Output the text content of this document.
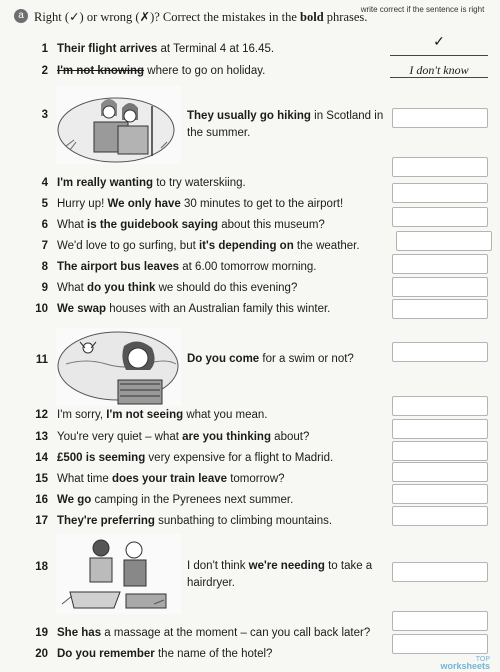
a Right (✓) or wrong (✗)? Correct the mistakes in the bold phrases.
write correct if the sentence is right
1 Their flight arrives at Terminal 4 at 16.45.	✓
2 I'm not knowing where to go on holiday.	I don't know
3	They usually go hiking in Scotland in the summer.
4 I'm really wanting to try waterskiing.
5 Hurry up! We only have 30 minutes to get to the airport!
6 What is the guidebook saying about this museum?
7 We'd love to go surfing, but it's depending on the weather.
8 The airport bus leaves at 6.00 tomorrow morning.
9 What do you think we should do this evening?
10 We swap houses with an Australian family this winter.
11	Do you come for a swim or not?
12 I'm sorry, I'm not seeing what you mean.
13 You're very quiet – what are you thinking about?
14 £500 is seeming very expensive for a flight to Madrid.
15 What time does your train leave tomorrow?
16 We go camping in the Pyrenees next summer.
17 They're preferring sunbathing to climbing mountains.
18	I don't think we're needing to take a hairdryer.
19 She has a massage at the moment – can you call back later?
20 Do you remember the name of the hotel?	TOP
worksheets
